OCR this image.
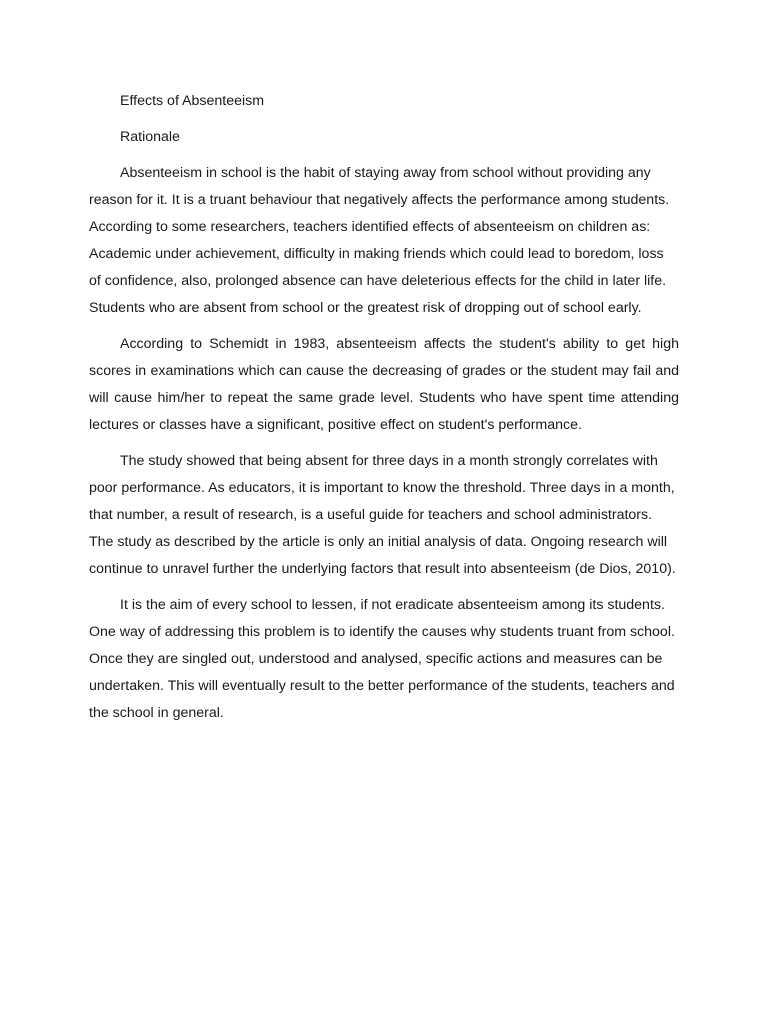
Effects of Absenteeism

Rationale

Absenteeism in school is the habit of staying away from school without providing any reason for it. It is a truant behaviour that negatively affects the performance among students. According to some researchers, teachers identified effects of absenteeism on children as: Academic under achievement, difficulty in making friends which could lead to boredom, loss of confidence, also, prolonged absence can have deleterious effects for the child in later life. Students who are absent from school or the greatest risk of dropping out of school early.

According to Schemidt in 1983, absenteeism affects the student's ability to get high scores in examinations which can cause the decreasing of grades or the student may fail and will cause him/her to repeat the same grade level. Students who have spent time attending lectures or classes have a significant, positive effect on student's performance.

The study showed that being absent for three days in a month strongly correlates with poor performance. As educators, it is important to know the threshold. Three days in a month, that number, a result of research, is a useful guide for teachers and school administrators. The study as described by the article is only an initial analysis of data. Ongoing research will continue to unravel further the underlying factors that result into absenteeism (de Dios, 2010).

It is the aim of every school to lessen, if not eradicate absenteeism among its students. One way of addressing this problem is to identify the causes why students truant from school. Once they are singled out, understood and analysed, specific actions and measures can be undertaken. This will eventually result to the better performance of the students, teachers and the school in general.
